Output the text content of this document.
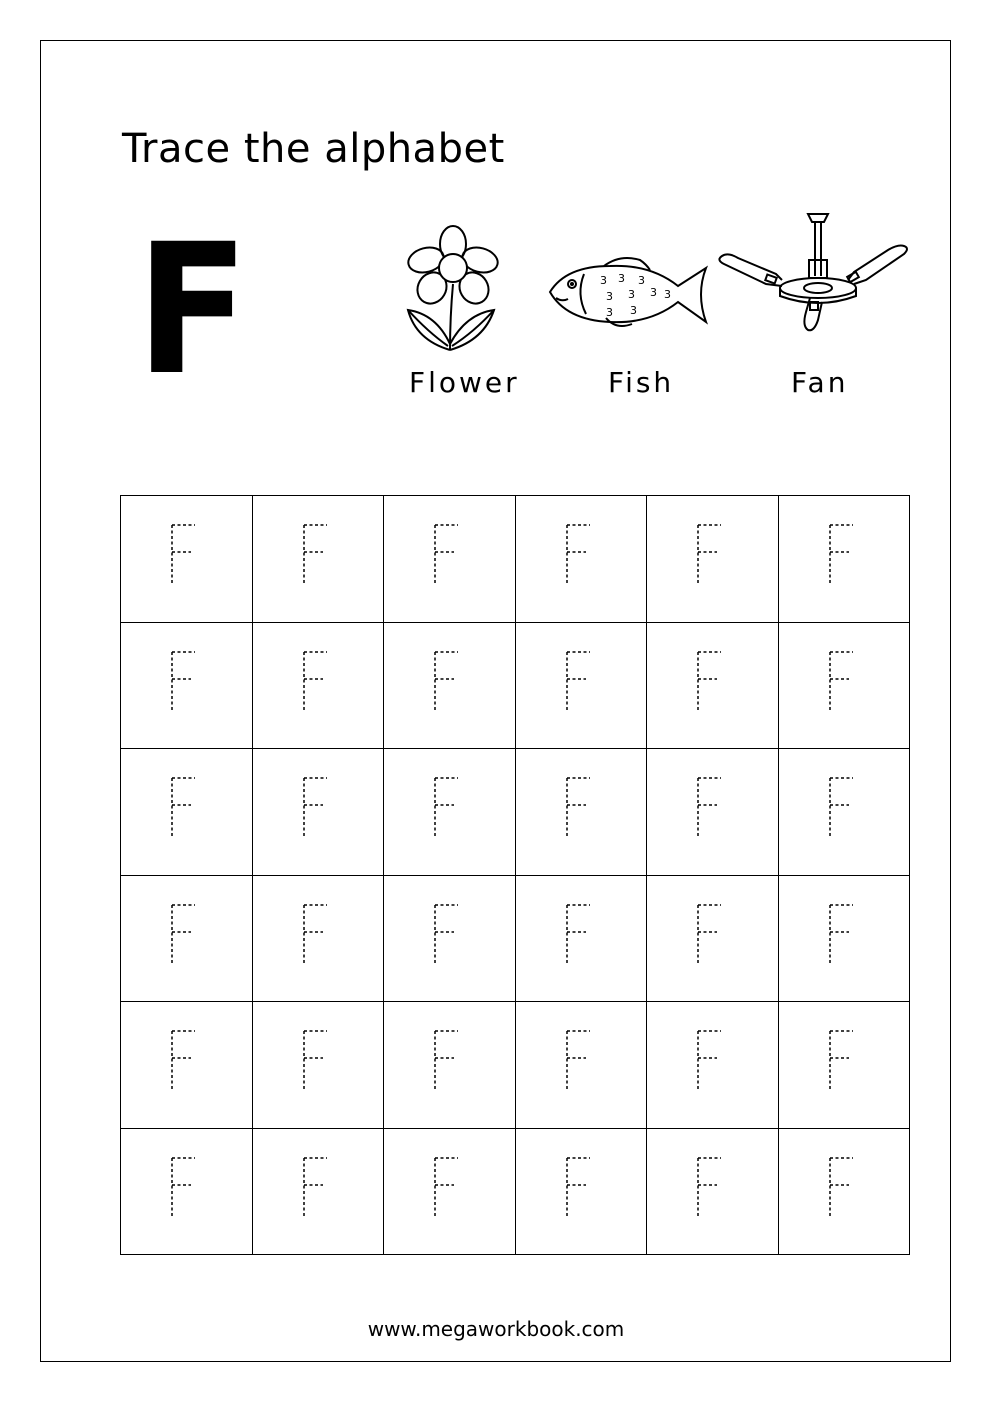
Trace the alphabet
F	3 3 3
3 3 3
3 3
3
Flower	Fish	Fan
www.megaworkbook.com
